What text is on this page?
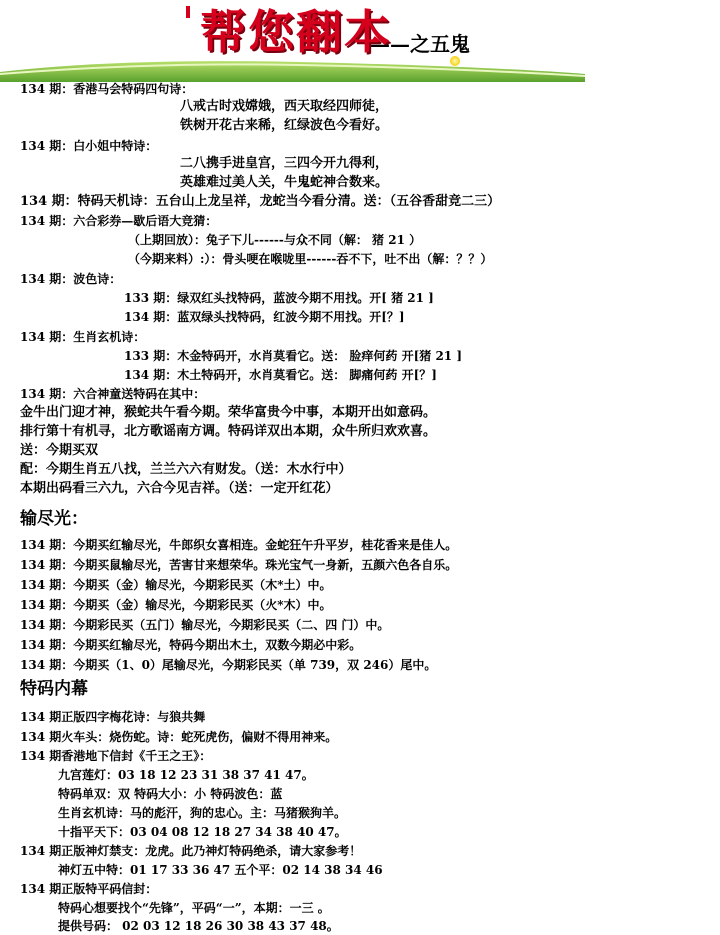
帮您翻本
——之五鬼
134 期：香港马会特码四句诗：
八戒古时戏嫦娥，西天取经四师徒，
铁树开花古来稀，红绿波色今看好。
134 期：白小姐中特诗：
二八携手进皇宫，三四今开九得利，
英雄难过美人关，牛鬼蛇神合数来。
134 期：特码天机诗：五台山上龙呈祥，龙蛇当今看分清。送：（五谷香甜竞二三）
134 期：六合彩券—歇后语大竞猜：
（上期回放）：兔子下儿------与众不同（解： 猪 21 ）
（今期来料）:）：骨头哽在喉咙里------吞不下，吐不出（解：？？）
134 期：波色诗：
133 期：绿双红头找特码，蓝波今期不用找。开[ 猪 21 ]
134 期：蓝双绿头找特码，红波今期不用找。开[？]
134 期：生肖玄机诗：
133 期：木金特码开，水肖莫看它。送： 脸痒何药 开[猪 21 ]
134 期：木土特码开，水肖莫看它。送： 脚痛何药 开[？]
134 期：六合神童送特码在其中：
金牛出门迎才神，猴蛇共午看今期。荣华富贵今中事，本期开出如意码。
排行第十有机寻，北方歌谣南方调。特码详双出本期，众牛所归欢欢喜。
送：今期买双
配：今期生肖五八找，兰兰六六有财发。（送：木水行中）
本期出码看三六九，六合今见吉祥。（送：一定开红花）
输尽光：
134 期：今期买红输尽光，牛郎织女喜相连。金蛇狂午升平岁，桂花香来是佳人。
134 期：今期买鼠输尽光，苦害甘来想荣华。珠光宝气一身新，五颜六色各自乐。
134 期：今期买（金）输尽光，今期彩民买（木*土）中。
134 期：今期买（金）输尽光，今期彩民买（火*木）中。
134 期：今期彩民买（五门）输尽光，今期彩民买（二、四 门）中。
134 期：今期买红输尽光，特码今期出木土，双数今期必中彩。
134 期：今期买（1、0）尾输尽光，今期彩民买（单 739，双 246）尾中。
特码内幕
134 期正版四字梅花诗：与狼共舞
134 期火车头：烧伤蛇。诗：蛇死虎伤，偏财不得用神来。
134 期香港地下信封《千王之王》：
九宫莲灯：03 18 12 23 31 38 37 41 47。
特码单双：双 特码大小：小 特码波色：蓝
生肖玄机诗：马的彪汗，狗的忠心。主：马猪猴狗羊。
十指平天下：03 04 08 12 18 27 34 38 40 47。
134 期正版神灯禁支：龙虎。此乃神灯特码绝杀，请大家参考！
神灯五中特：01 17 33 36 47 五个平：02 14 38 34 46
134 期正版特平码信封：
特码心想要找个“先锋”，平码“一”，本期：一三 。
提供号码： 02 03 12 18 26 30 38 43 37 48。
